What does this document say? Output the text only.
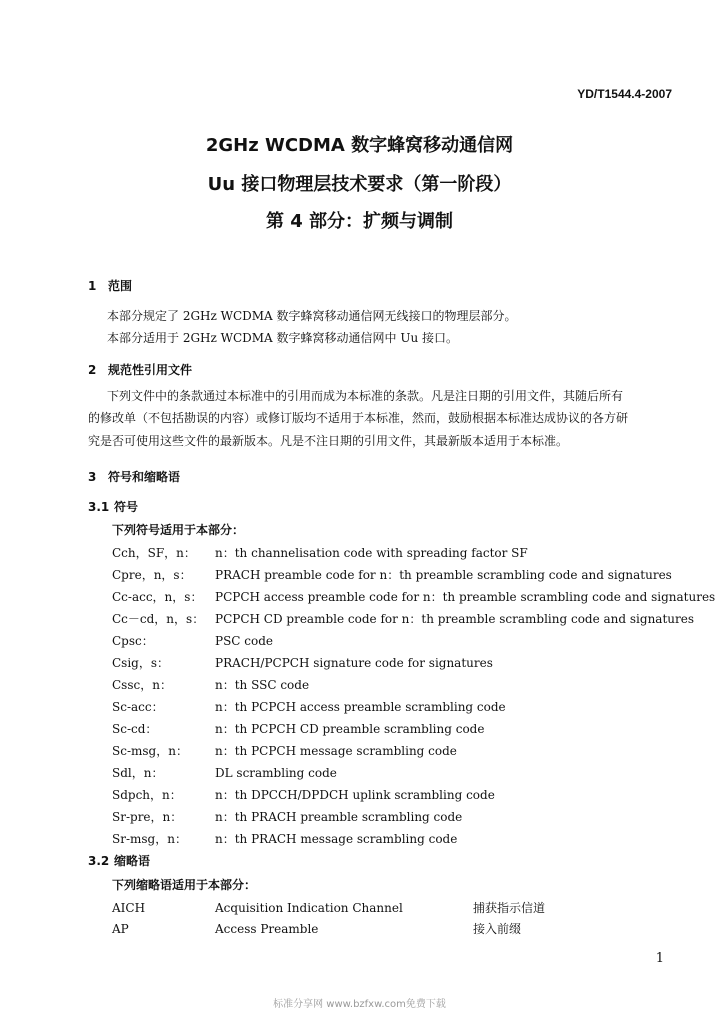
YD/T1544.4-2007
2GHz WCDMA 数字蜂窝移动通信网
Uu 接口物理层技术要求（第一阶段）
第 4 部分：扩频与调制
1 范围
本部分规定了 2GHz WCDMA 数字蜂窝移动通信网无线接口的物理层部分。
本部分适用于 2GHz WCDMA 数字蜂窝移动通信网中 Uu 接口。
2 规范性引用文件
下列文件中的条款通过本标准中的引用而成为本标准的条款。凡是注日期的引用文件，其随后所有
的修改单（不包括勘误的内容）或修订版均不适用于本标准，然而，鼓励根据本标准达成协议的各方研
究是否可使用这些文件的最新版本。凡是不注日期的引用文件，其最新版本适用于本标准。
3 符号和缩略语
3.1 符号
下列符号适用于本部分：
Cch，SF，n： n：th channelisation code with spreading factor SF
Cpre，n，s： PRACH preamble code for n：th preamble scrambling code and signatures
Cc-acc，n，s： PCPCH access preamble code for n：th preamble scrambling code and signatures
Cc－cd，n，s： PCPCH CD preamble code for n：th preamble scrambling code and signatures
Cpsc：	PSC code
Csig，s：	PRACH/PCPCH signature code for signatures
Cssc，n：	n：th SSC code
Sc-acc：	n：th PCPCH access preamble scrambling code
Sc-cd：	n：th PCPCH CD preamble scrambling code
Sc-msg，n： n：th PCPCH message scrambling code
Sdl，n：	DL scrambling code
Sdpch，n：	n：th DPCCH/DPDCH uplink scrambling code
Sr-pre，n：	n：th PRACH preamble scrambling code
Sr-msg，n： n：th PRACH message scrambling code
3.2 缩略语
下列缩略语适用于本部分：
AICH	Acquisition Indication Channel	捕获指示信道
AP	Access Preamble	接入前缀
1
标准分享网 www.bzfxw.com免费下载
